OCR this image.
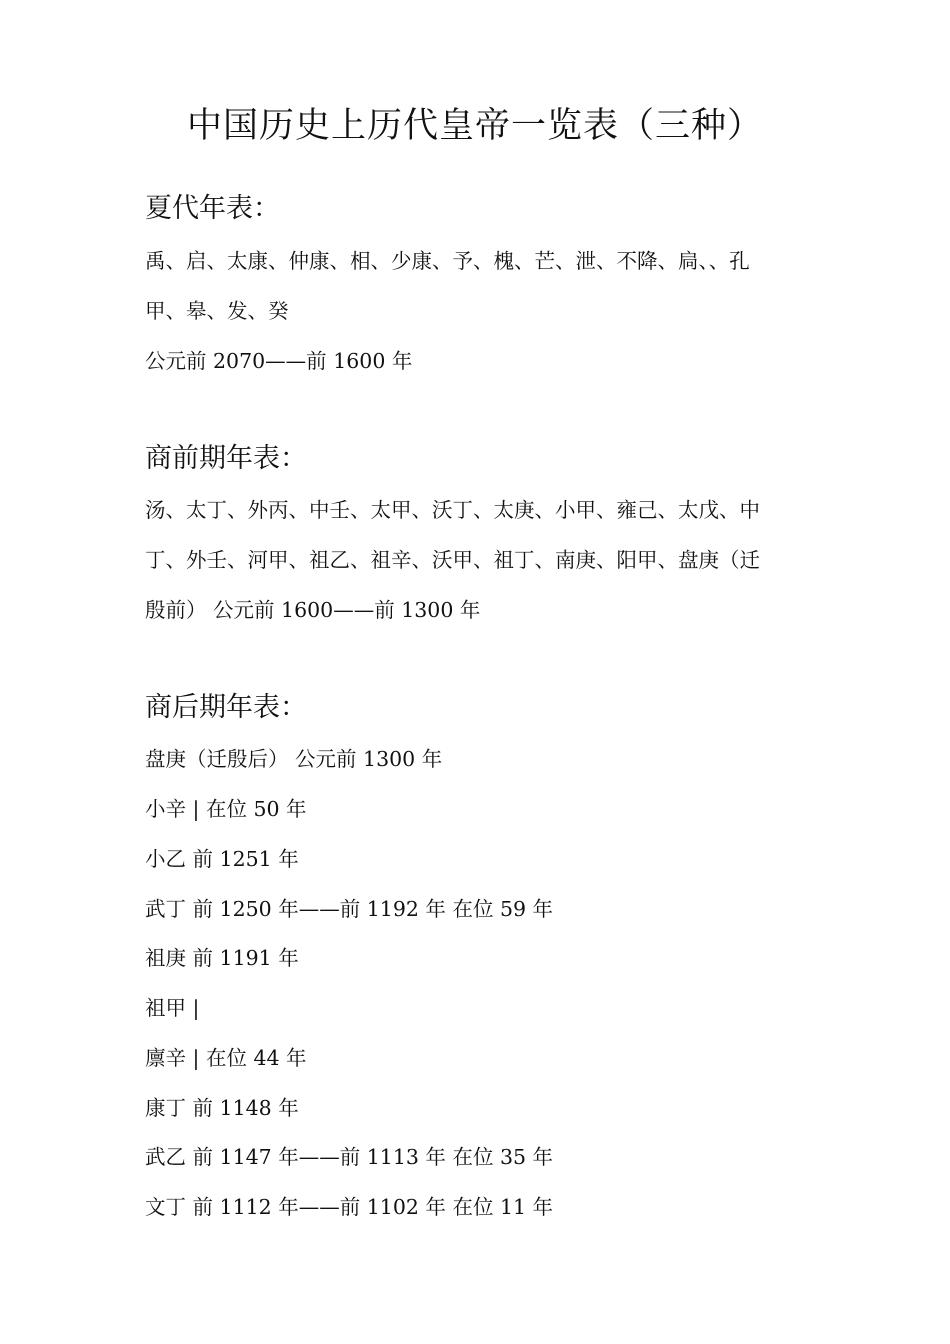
中国历史上历代皇帝一览表（三种）
夏代年表：
禹、启、太康、仲康、相、少康、予、槐、芒、泄、不降、扃、、孔
甲、皋、发、癸
公元前 2070——前 1600 年
商前期年表：
汤、太丁、外丙、中壬、太甲、沃丁、太庚、小甲、雍己、太戊、中
丁、外壬、河甲、祖乙、祖辛、沃甲、祖丁、南庚、阳甲、盘庚（迁
殷前） 公元前 1600——前 1300 年
商后期年表：
盘庚（迁殷后） 公元前 1300 年
小辛 | 在位 50 年
小乙 前 1251 年
武丁 前 1250 年——前 1192 年 在位 59 年
祖庚 前 1191 年
祖甲 |
廪辛 | 在位 44 年
康丁 前 1148 年
武乙 前 1147 年——前 1113 年 在位 35 年
文丁 前 1112 年——前 1102 年 在位 11 年
